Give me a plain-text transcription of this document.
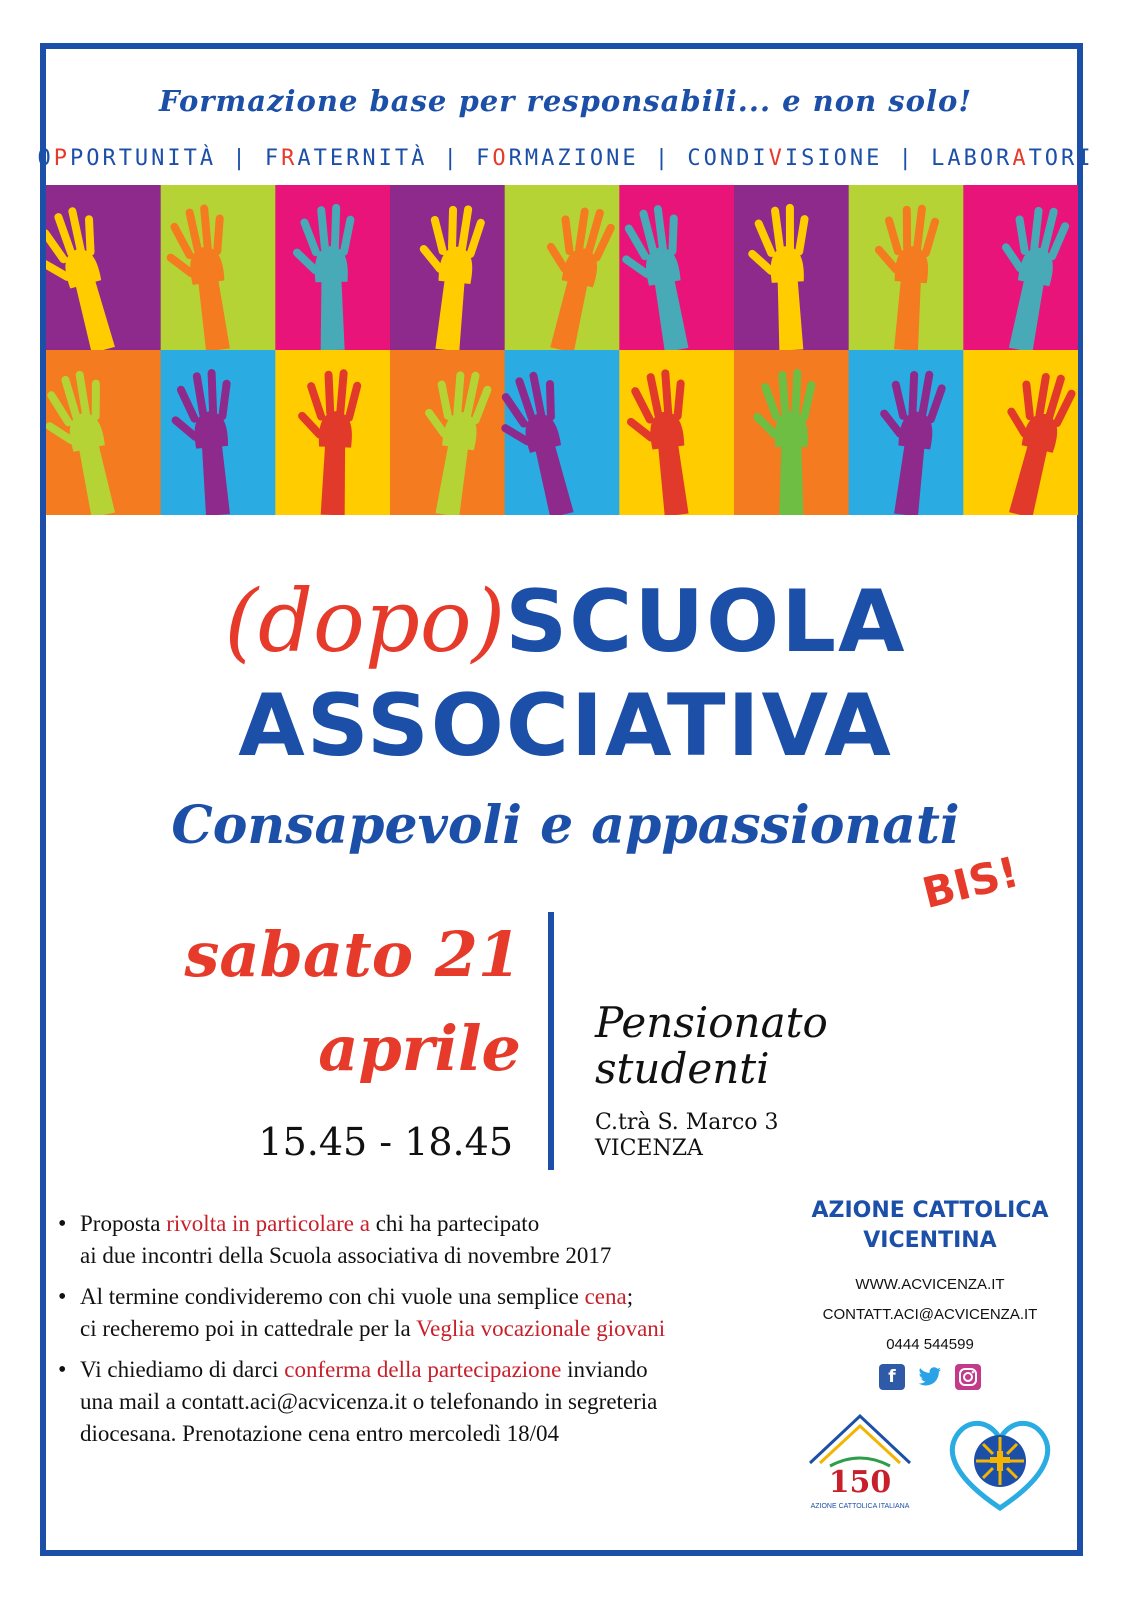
Formazione base per responsabili... e non solo!
OPPORTUNITÀ | FRATERNITÀ | FORMAZIONE | CONDIVISIONE | LABORATORI
(dopo)SCUOLA
ASSOCIATIVA
Consapevoli e appassionati
BIS!
sabato 21
aprile
15.45 - 18.45
Pensionato
studenti
C.trà S. Marco 3
VICENZA
• Proposta rivolta in particolare a chi ha partecipato
ai due incontri della Scuola associativa di novembre 2017
• Al termine condivideremo con chi vuole una semplice cena;
ci recheremo poi in cattedrale per la Veglia vocazionale giovani
• Vi chiediamo di darci conferma della partecipazione inviando
una mail a contatt.aci@acvicenza.it o telefonando in segreteria
diocesana. Prenotazione cena entro mercoledì 18/04
AZIONE CATTOLICA
VICENTINA
WWW.ACVICENZA.IT
CONTATT.ACI@ACVICENZA.IT
0444 544599
f
150
AZIONE CATTOLICA ITALIANA
